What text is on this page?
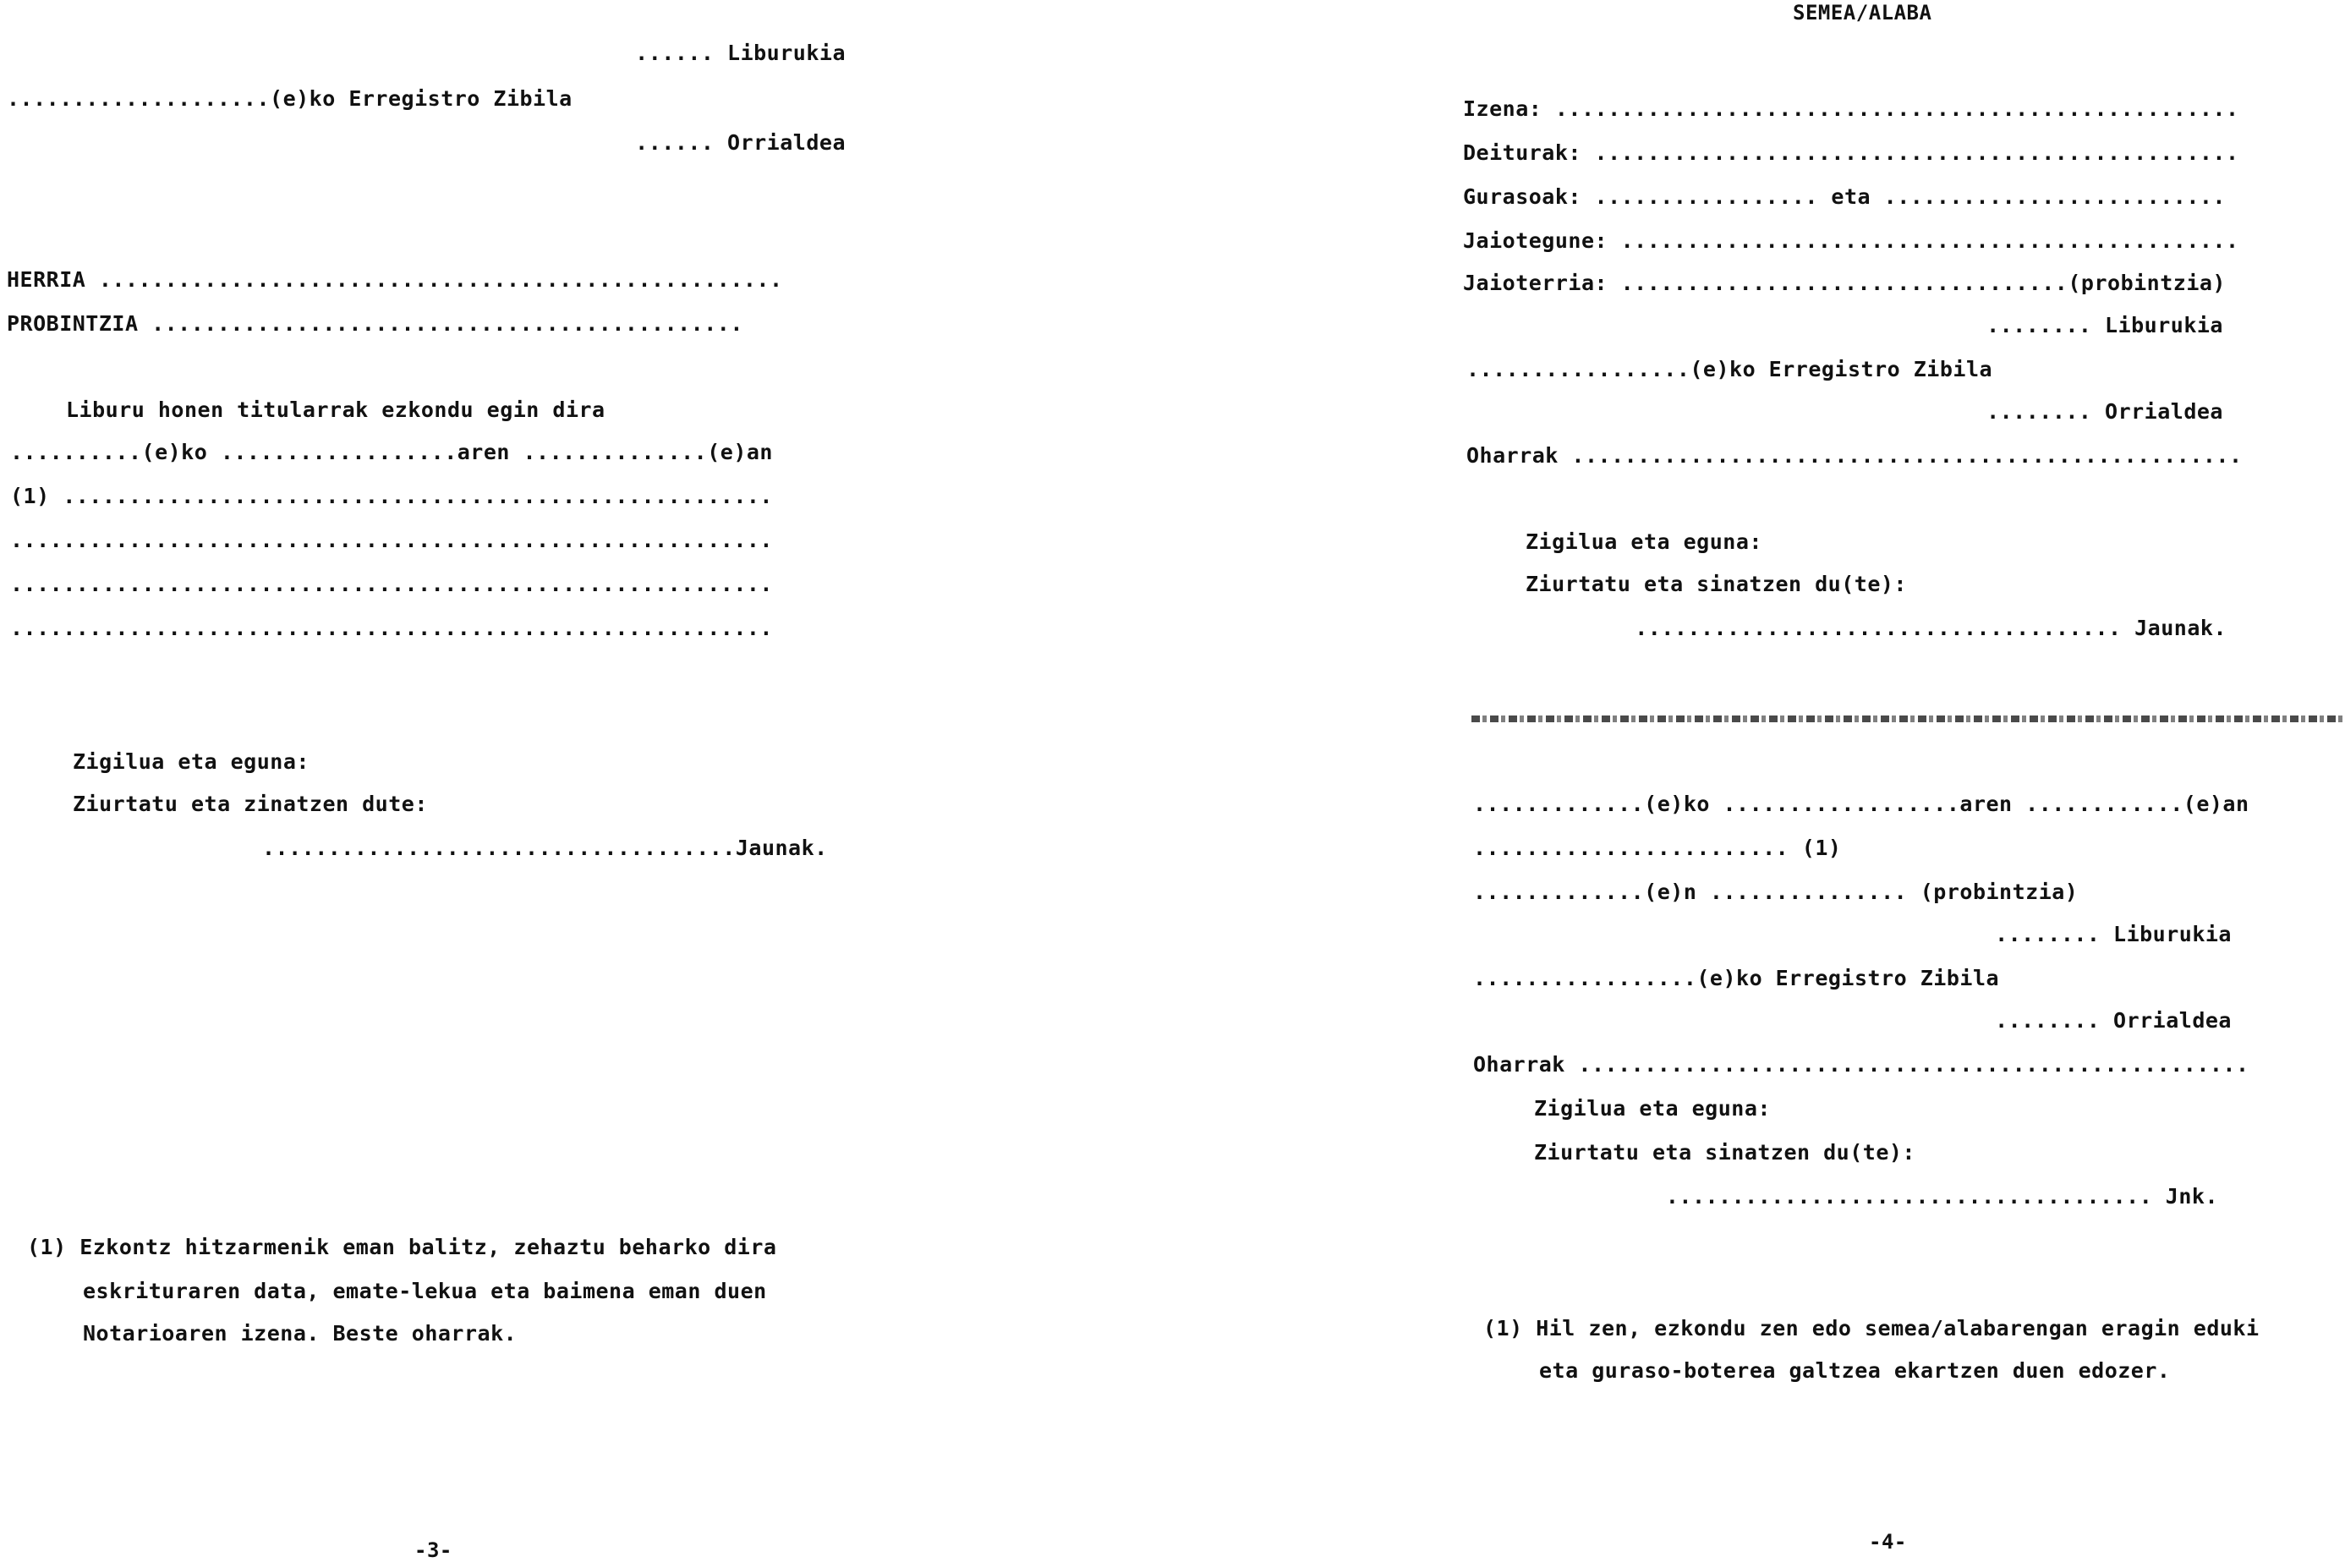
...... Liburukia
....................(e)ko Erregistro Zibila
...... Orrialdea
HERRIA ....................................................
PROBINTZIA .............................................
Liburu honen titularrak ezkondu egin dira
..........(e)ko ..................aren ..............(e)an
(1) ......................................................
..........................................................
..........................................................
..........................................................
Zigilua eta eguna:
Ziurtatu eta zinatzen dute:
....................................Jaunak.
(1) Ezkontz hitzarmenik eman balitz, zehaztu beharko dira
eskrituraren data, emate-lekua eta baimena eman duen
Notarioaren izena. Beste oharrak.
-3-
SEMEA/ALABA
Izena: ....................................................
Deiturak: .................................................
Gurasoak: ................. eta ..........................
Jaiotegune: ...............................................
Jaioterria: ..................................(probintzia)
........ Liburukia
.................(e)ko Erregistro Zibila
........ Orrialdea
Oharrak ...................................................
Zigilua eta eguna:
Ziurtatu eta sinatzen du(te):
..................................... Jaunak.
.............(e)ko ..................aren ............(e)an
........................ (1)
.............(e)n ............... (probintzia)
........ Liburukia
.................(e)ko Erregistro Zibila
........ Orrialdea
Oharrak ...................................................
Zigilua eta eguna:
Ziurtatu eta sinatzen du(te):
..................................... Jnk.
(1) Hil zen, ezkondu zen edo semea/alabarengan eragin eduki
eta guraso-boterea galtzea ekartzen duen edozer.
-4-
